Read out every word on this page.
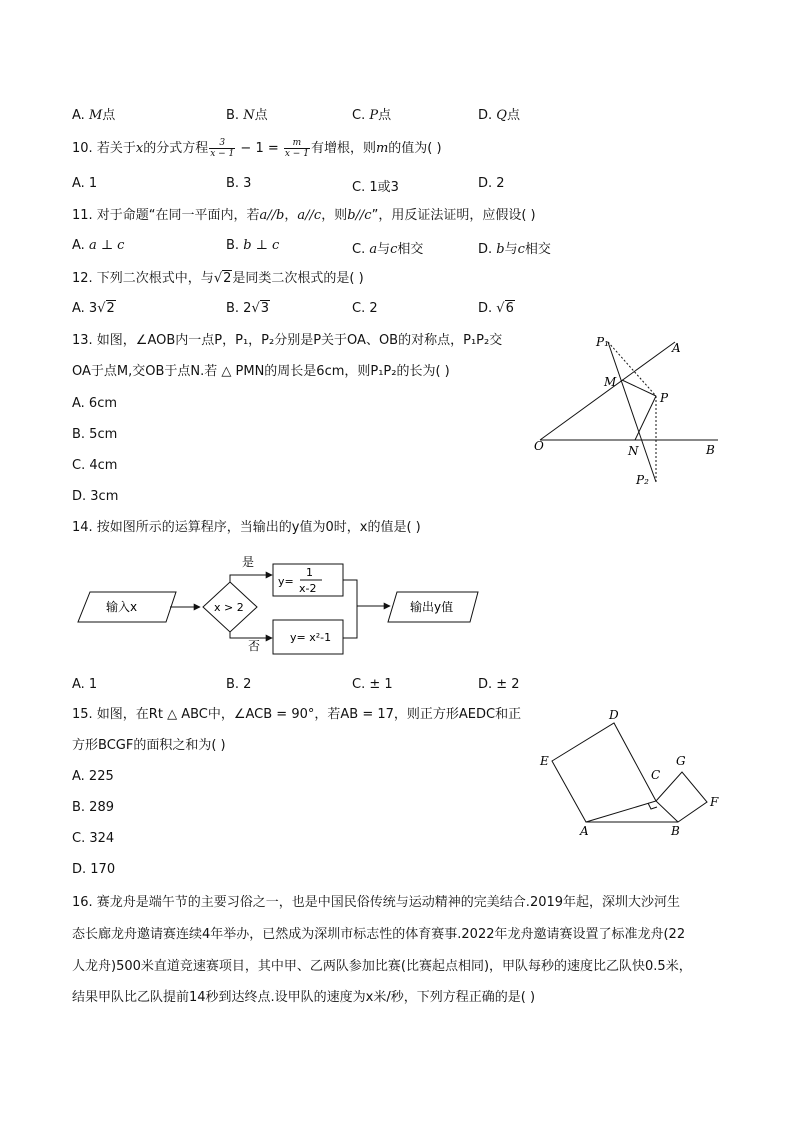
A. M点	B. N点	C. P点	D. Q点
10. 若关于x的分式方程 $\frac{3}{x - 1} - 1 = \frac{m}{x - 1}$ 有增根，则m的值为( )
A. 1	B. 3	C. 1或3	D. 2
11. 对于命题“在同一平面内，若a//b，a//c，则b//c”，用反证法证明，应假设( )
A. a ⊥ c	B. b ⊥ c	C. a与c相交	D. b与c相交
12. 下列二次根式中，与√2是同类二次根式的是( )
A. 3√2	B. 2√3	C. 2	D. √6
13. 如图，∠AOB内一点P，P₁，P₂分别是P关于OA、OB的对称点，P₁P₂交
OA于点M,交OB于点N.若 △ PMN的周长是6cm，则P₁P₂的长为( )
A. 6cm
B. 5cm
C. 4cm
D. 3cm
P₁	A
M
P
O	N	B
P₂
14. 按如图所示的运算程序，当输出的y值为0时，x的值是( )
输入x	x > 2
是
否
y=
1
x-2
y= x²-1
输出y值
A. 1	B. 2	C. ± 1	D. ± 2
15. 如图，在Rt △ ABC中，∠ACB = 90°，若AB = 17，则正方形AEDC和正
方形BCGF的面积之和为( )
A. 225
B. 289
C. 324
D. 170
D
E
C
G
F
A	B
16. 赛龙舟是端午节的主要习俗之一，也是中国民俗传统与运动精神的完美结合.2019年起，深圳大沙河生
态长廊龙舟邀请赛连续4年举办，已然成为深圳市标志性的体育赛事.2022年龙舟邀请赛设置了标准龙舟(22
人龙舟)500米直道竞速赛项目，其中甲、乙两队参加比赛(比赛起点相同)，甲队每秒的速度比乙队快0.5米，
结果甲队比乙队提前14秒到达终点.设甲队的速度为x米/秒，下列方程正确的是( )
